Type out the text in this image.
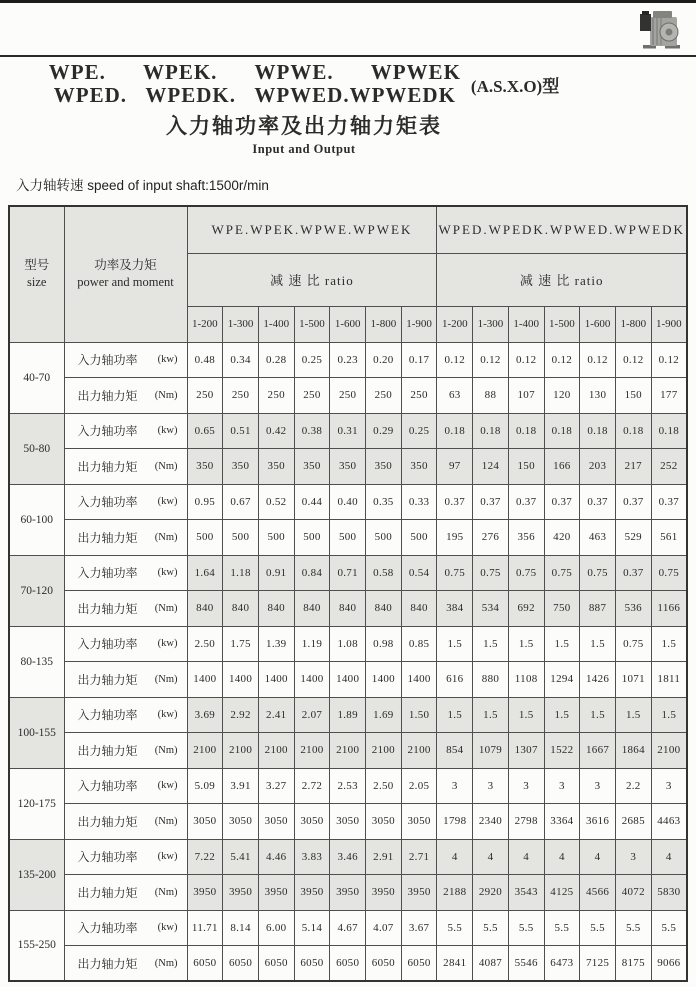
WPE.      WPEK.      WPWE.      WPWEK
WPED.   WPEDK.   WPWED.WPWEDK (A.S.X.O)型
入力轴功率及出力轴力矩表
Input and Output
入力轴转速 speed of input shaft:1500r/min
型号
size

功率及力矩
power and moment
	WPE.WPEK.WPWE.WPWEK	WPED.WPEDK.WPWED.WPWEDK
		减 速 比 ratio							减 速 比 ratio						
		1-200	1-300	1-400	1-500	1-600	1-800	1-900	1-200	1-300	1-400	1-500	1-600	1-800	1-900
40-70	入力轴功率 (kw)	0.48	0.34	0.28	0.25	0.23	0.20	0.17	0.12	0.12	0.12	0.12	0.12	0.12	0.12

	出力轴力矩 (Nm)	250	250	250	250	250	250	250	63	88	107	120	130	150	177
50-80	入力轴功率 (kw)	0.65	0.51	0.42	0.38	0.31	0.29	0.25	0.18	0.18	0.18	0.18	0.18	0.18	0.18

	出力轴力矩 (Nm)	350	350	350	350	350	350	350	97	124	150	166	203	217	252
60-100	入力轴功率 (kw)	0.95	0.67	0.52	0.44	0.40	0.35	0.33	0.37	0.37	0.37	0.37	0.37	0.37	0.37

	出力轴力矩 (Nm)	500	500	500	500	500	500	500	195	276	356	420	463	529	561
70-120	入力轴功率 (kw)	1.64	1.18	0.91	0.84	0.71	0.58	0.54	0.75	0.75	0.75	0.75	0.75	0.37	0.75

	出力轴力矩 (Nm)	840	840	840	840	840	840	840	384	534	692	750	887	536	1166
80-135	入力轴功率 (kw)	2.50	1.75	1.39	1.19	1.08	0.98	0.85	1.5	1.5	1.5	1.5	1.5	0.75	1.5

	出力轴力矩 (Nm)	1400	1400	1400	1400	1400	1400	1400	616	880	1108	1294	1426	1071	1811
100-155	入力轴功率 (kw)	3.69	2.92	2.41	2.07	1.89	1.69	1.50	1.5	1.5	1.5	1.5	1.5	1.5	1.5

	出力轴力矩 (Nm)	2100	2100	2100	2100	2100	2100	2100	854	1079	1307	1522	1667	1864	2100
120-175	入力轴功率 (kw)	5.09	3.91	3.27	2.72	2.53	2.50	2.05	3	3	3	3	3	2.2	3

	出力轴力矩 (Nm)	3050	3050	3050	3050	3050	3050	3050	1798	2340	2798	3364	3616	2685	4463
135-200	入力轴功率 (kw)	7.22	5.41	4.46	3.83	3.46	2.91	2.71	4	4	4	4	4	3	4

	出力轴力矩 (Nm)	3950	3950	3950	3950	3950	3950	3950	2188	2920	3543	4125	4566	4072	5830
155-250	入力轴功率 (kw)	11.71	8.14	6.00	5.14	4.67	4.07	3.67	5.5	5.5	5.5	5.5	5.5	5.5	5.5

	出力轴力矩 (Nm)	6050	6050	6050	6050	6050	6050	6050	2841	4087	5546	6473	7125	8175	9066
